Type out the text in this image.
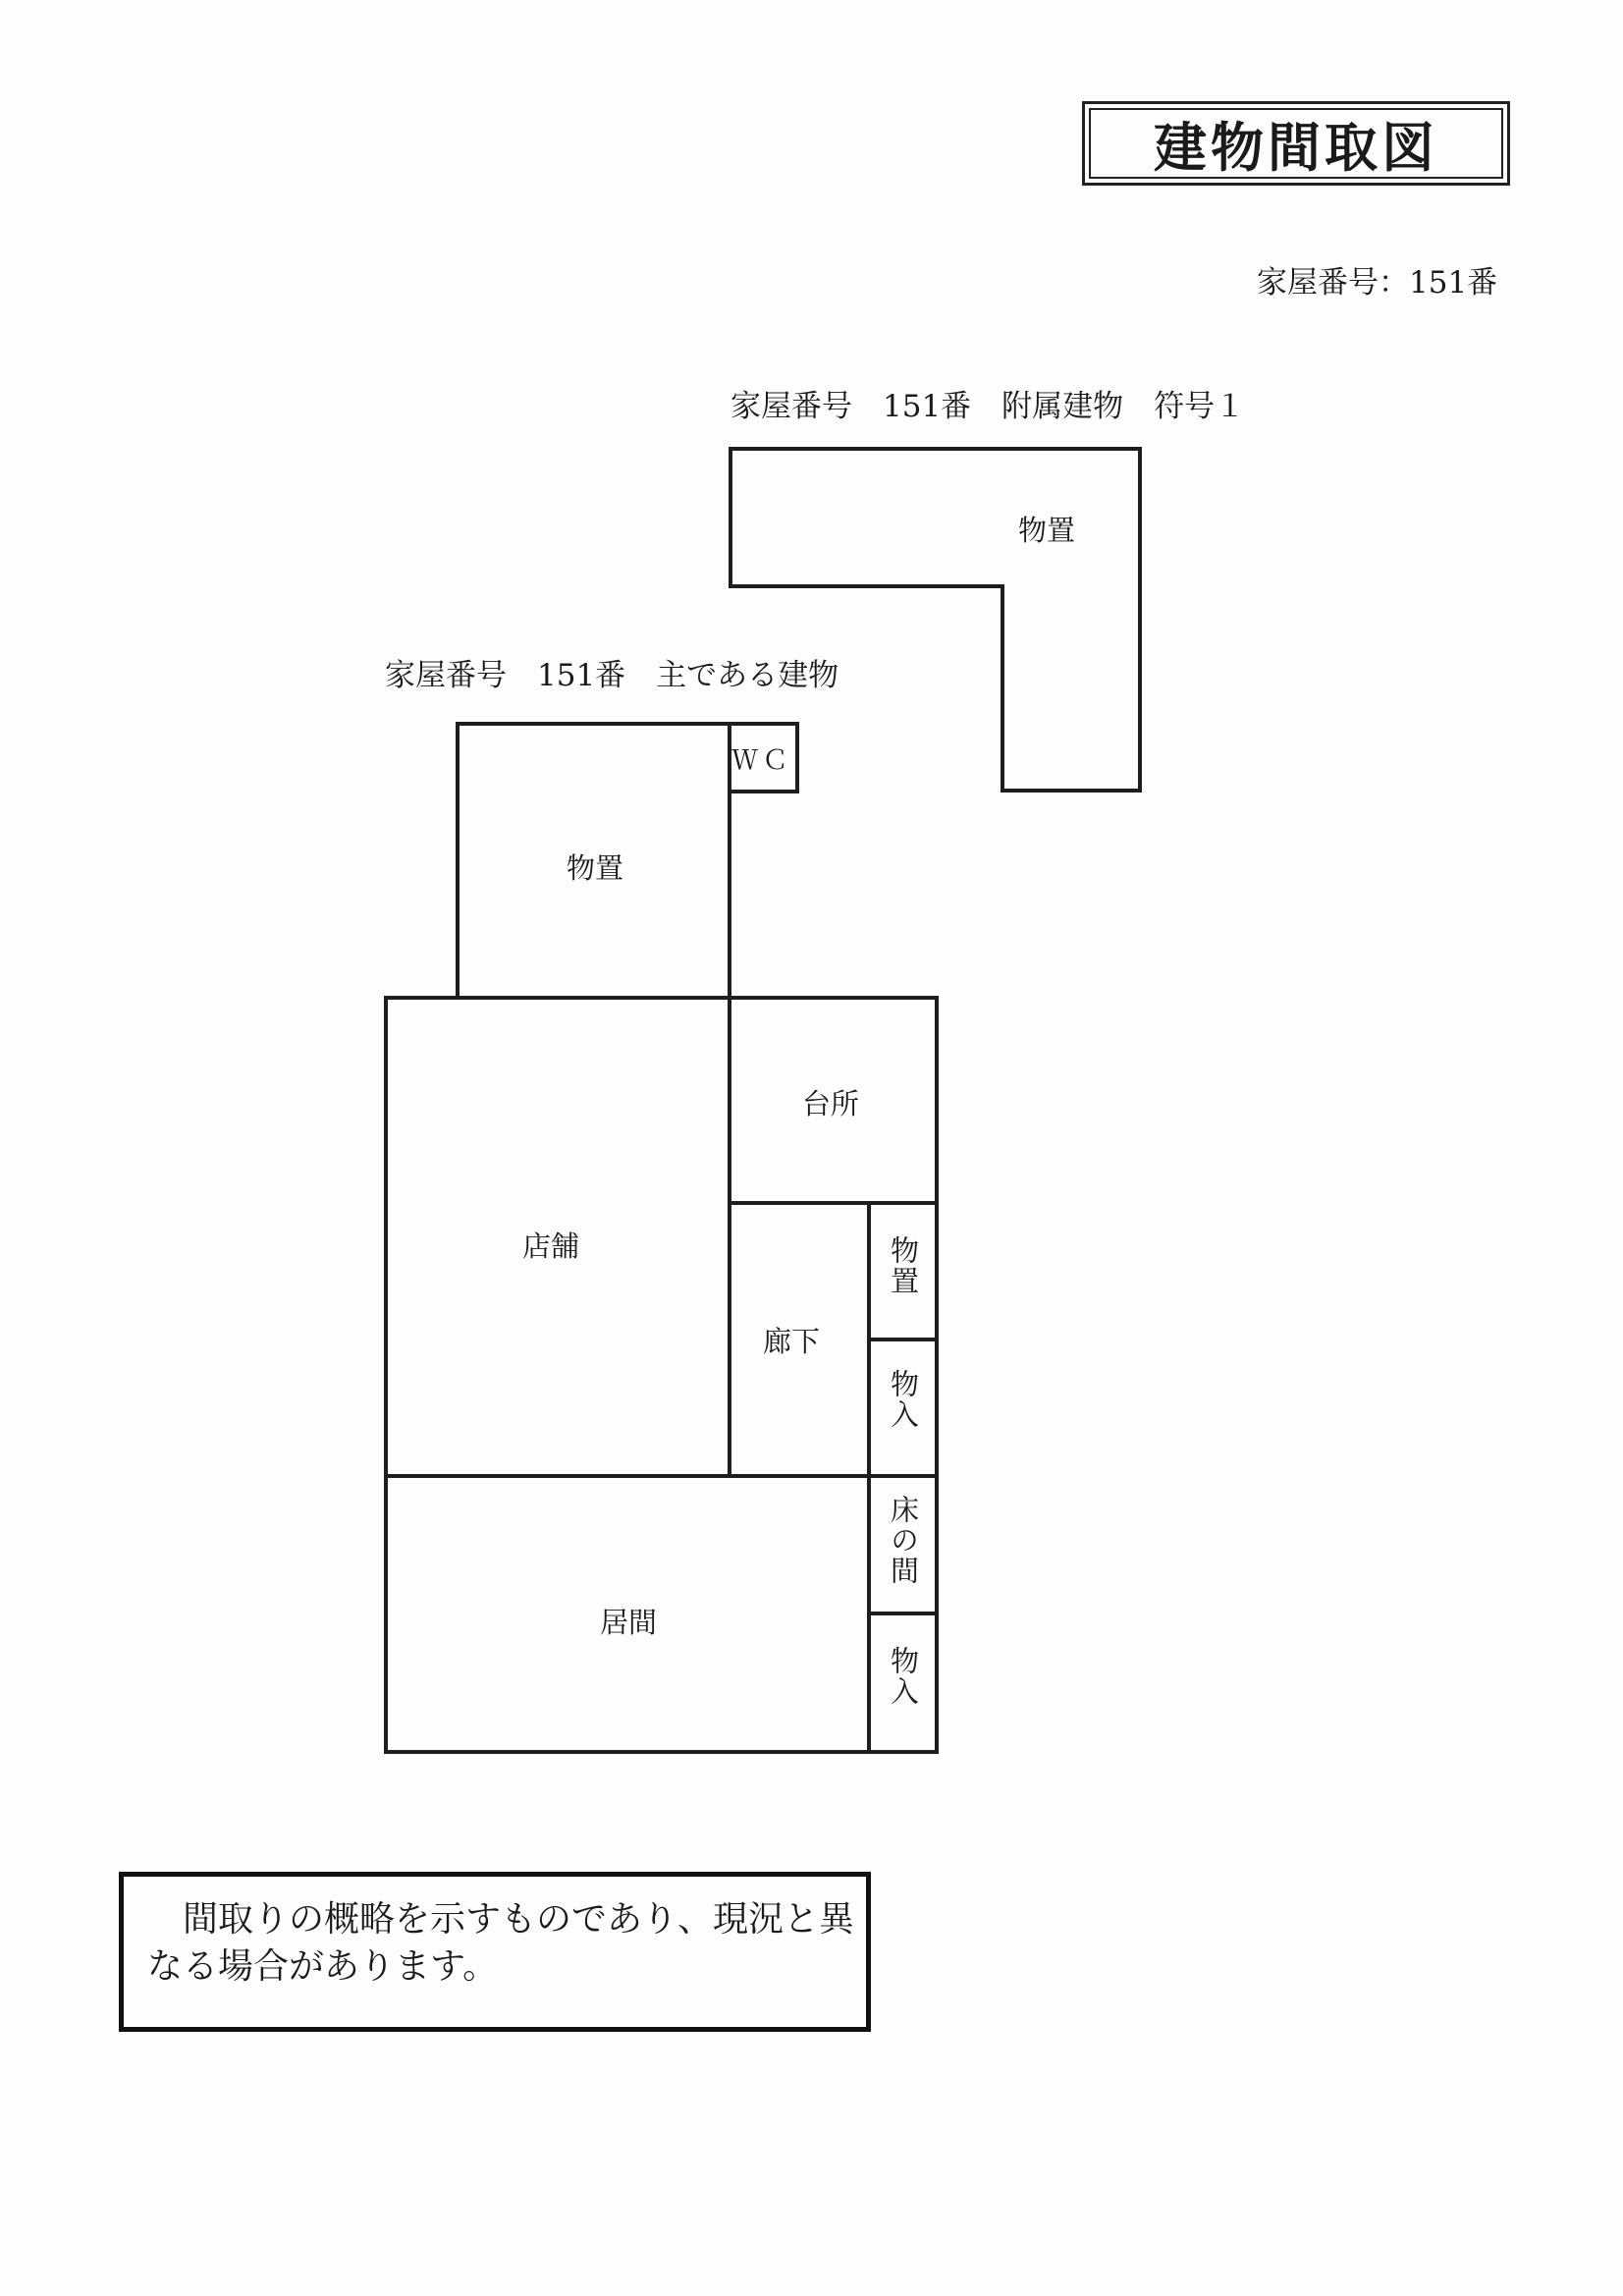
建物間取図
家屋番号：151番
家屋番号　151番　附属建物　符号１
家屋番号　151番　主である建物
物置
ＷＣ
物置
台所
店舗
廊下
物置
物入
床の間
居間
物入
間取りの概略を示すものであり、現況と異なる場合があります。
